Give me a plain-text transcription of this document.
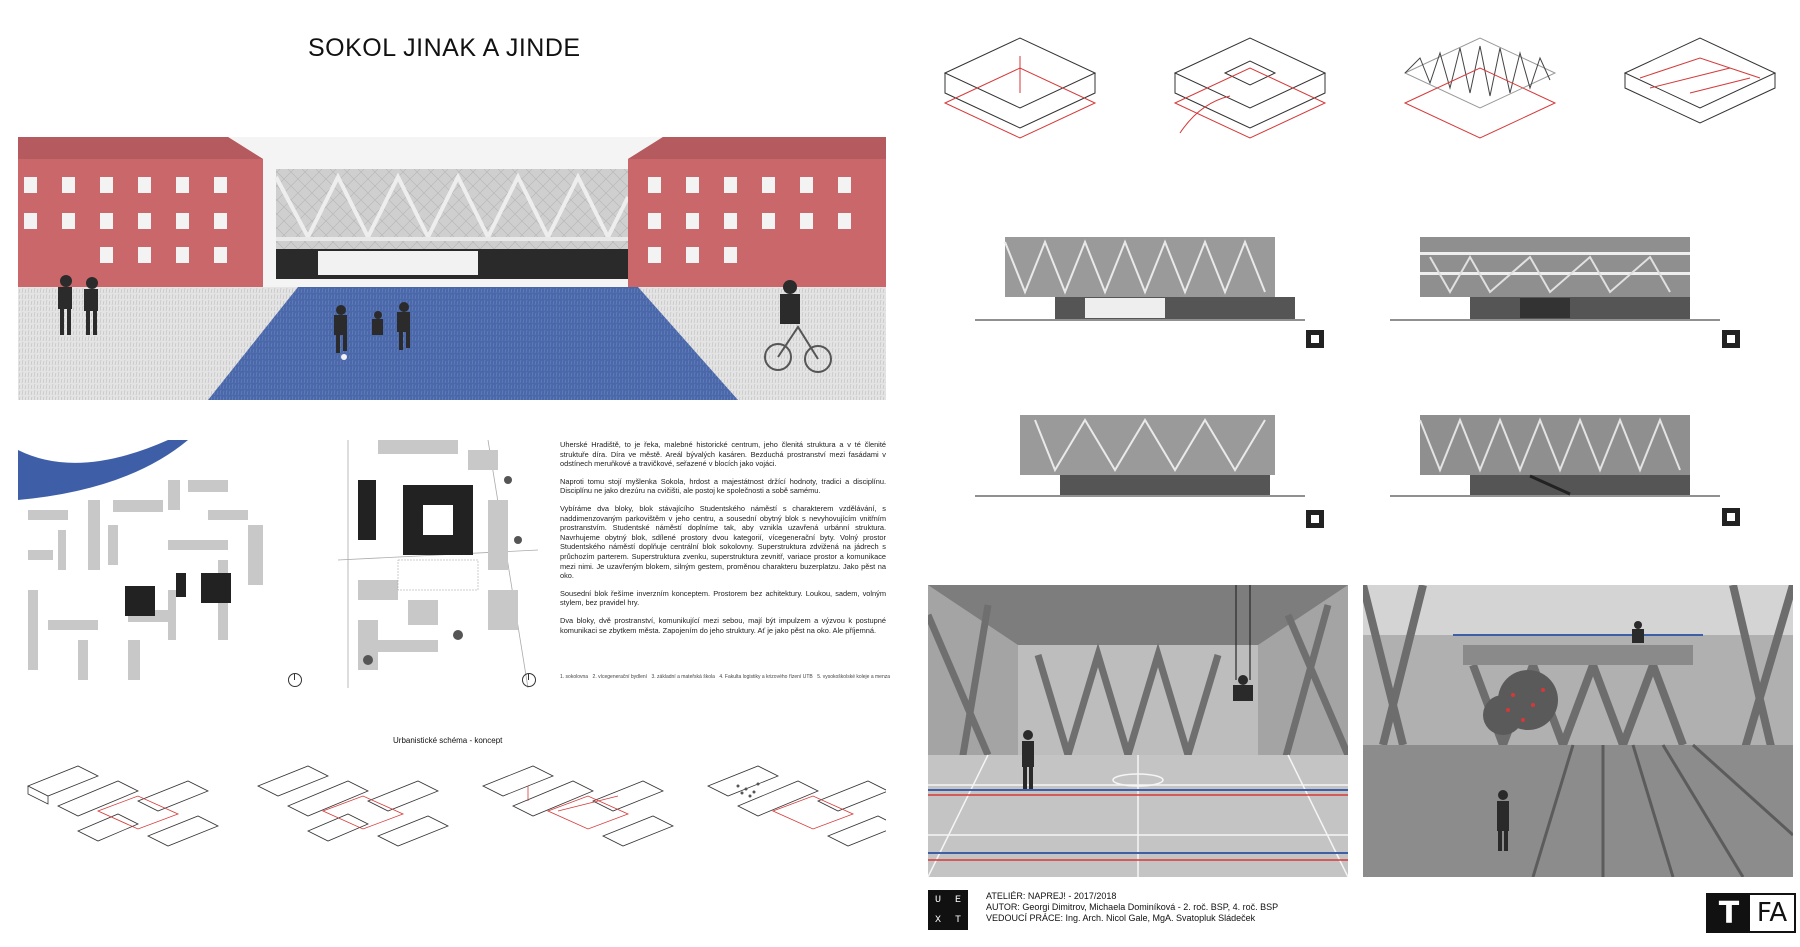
SOKOL JINAK A JINDE

Uherské Hradiště, to je řeka, malebné historické centrum, jeho členitá struktura a v té členité struktuře díra. Díra ve městě. Areál bývalých kasáren. Bezduchá prostranství mezi fasádami v odstínech meruňkové a travičkové, seřazené v blocích jako vojáci.

Naproti tomu stojí myšlenka Sokola, hrdost a majestátnost držící hodnoty, tradici a disciplínu. Disciplínu ne jako drezúru na cvičišti, ale postoj ke společnosti a sobě samému.

Vybíráme dva bloky, blok stávajícího Studentského náměstí s charakterem vzdělávání, s naddimenzovaným parkovištěm v jeho centru, a sousední obytný blok s nevyhovujícím vnitřním prostranstvím. Studentské náměstí doplníme tak, aby vznikla uzavřená urbánní struktura. Navrhujeme obytný blok, sdílené prostory dvou kategorií, vícegenerační byty. Volný prostor Studentského náměstí doplňuje centrální blok sokolovny. Superstruktura zdvižená na jádrech s průchozím parterem. Superstruktura zvenku, superstruktura zevnitř, variace prostor a komunikace mezi nimi. Je uzavřeným blokem, silným gestem, proměnou charakteru buzerplatzu. Jako pěst na oko.

Sousední blok řešíme inverzním konceptem. Prostorem bez achitektury. Loukou, sadem, volným stylem, bez pravidel hry.

Dva bloky, dvě prostranství, komunikující mezi sebou, mají být impulzem a výzvou k postupné komunikaci se zbytkem města. Zapojením do jeho struktury. Ať je jako pěst na oko. Ale příjemná.

1. sokolovna 2. vícegenerační bydlení 3. základní a mateřská škola 4. Fakulta logistiky a krizového řízení UTB 5. vysokoškolské koleje a menza
Urbanistické schéma - koncept
U	E
X	T
ATELIÉR: NAPREJ! - 2017/2018
AUTOR: Georgi Dimitrov, Michaela Dominíková - 2. roč. BSP, 4. roč. BSP
VEDOUCÍ PRÁCE: Ing. Arch. Nicol Gale, MgA. Svatopluk Sládeček	T FA
